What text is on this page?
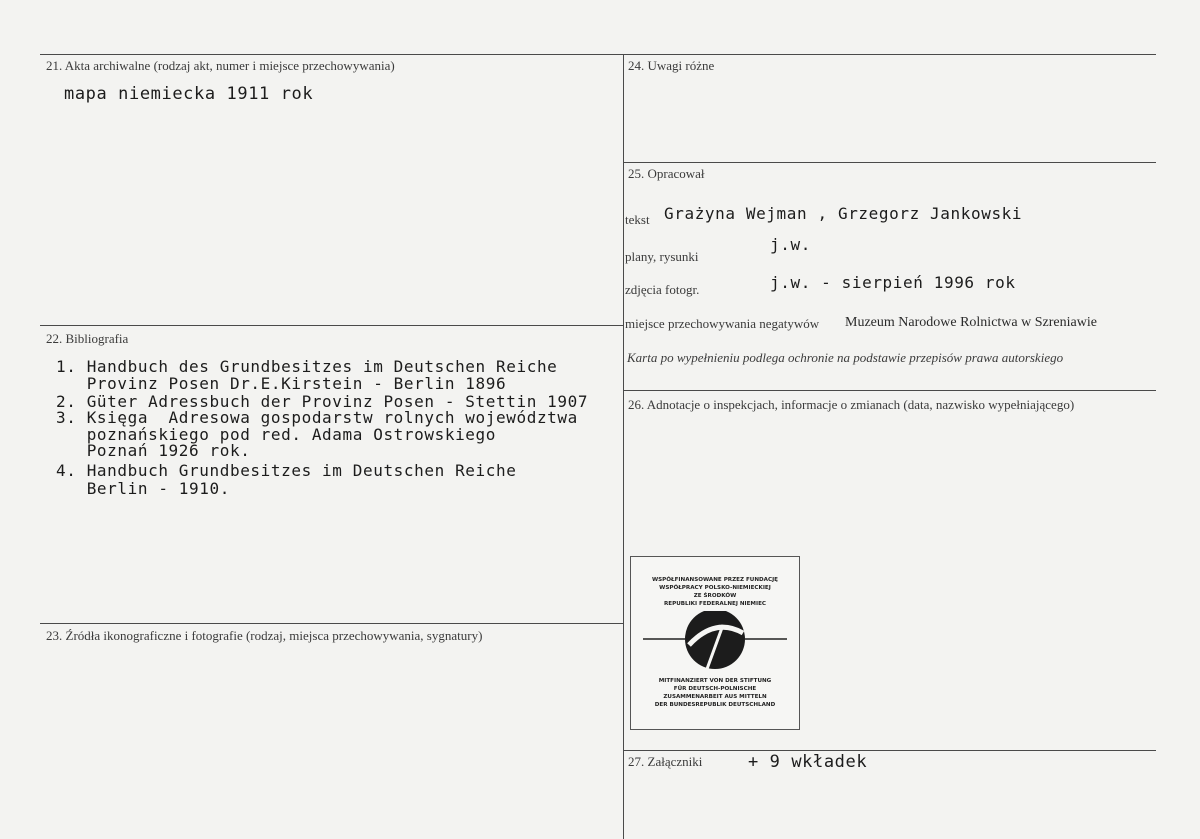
21. Akta archiwalne (rodzaj akt, numer i miejsce przechowywania)
mapa niemiecka 1911 rok
22. Bibliografia
1. Handbuch des Grundbesitzes im Deutschen Reiche
Provinz Posen Dr.E.Kirstein - Berlin 1896
2. Güter Adressbuch der Provinz Posen - Stettin 1907
3. Księga  Adresowa gospodarstw rolnych województwa
poznańskiego pod red. Adama Ostrowskiego
Poznań 1926 rok.
4. Handbuch Grundbesitzes im Deutschen Reiche
Berlin - 1910.
23. Źródła ikonograficzne i fotografie (rodzaj, miejsca przechowywania, sygnatury)
24. Uwagi różne
25. Opracował
tekst Grażyna Wejman , Grzegorz Jankowski
plany, rysunki
j.w.
zdjęcia fotogr.	j.w. - sierpień 1996 rok
miejsce przechowywania negatywów Muzeum Narodowe Rolnictwa w Szreniawie
Karta po wypełnieniu podlega ochronie na podstawie przepisów prawa autorskiego
26. Adnotacje o inspekcjach, informacje o zmianach (data, nazwisko wypełniającego)
WSPÓŁFINANSOWANE PRZEZ FUNDACJĘ
WSPÓŁPRACY POLSKO-NIEMIECKIEJ
ZE ŚRODKÓW
REPUBLIKI FEDERALNEJ NIEMIEC
MITFINANZIERT VON DER STIFTUNG
FÜR DEUTSCH-POLNISCHE
ZUSAMMENARBEIT AUS MITTELN
DER BUNDESREPUBLIK DEUTSCHLAND
27. Załączniki	+ 9 wkładek
